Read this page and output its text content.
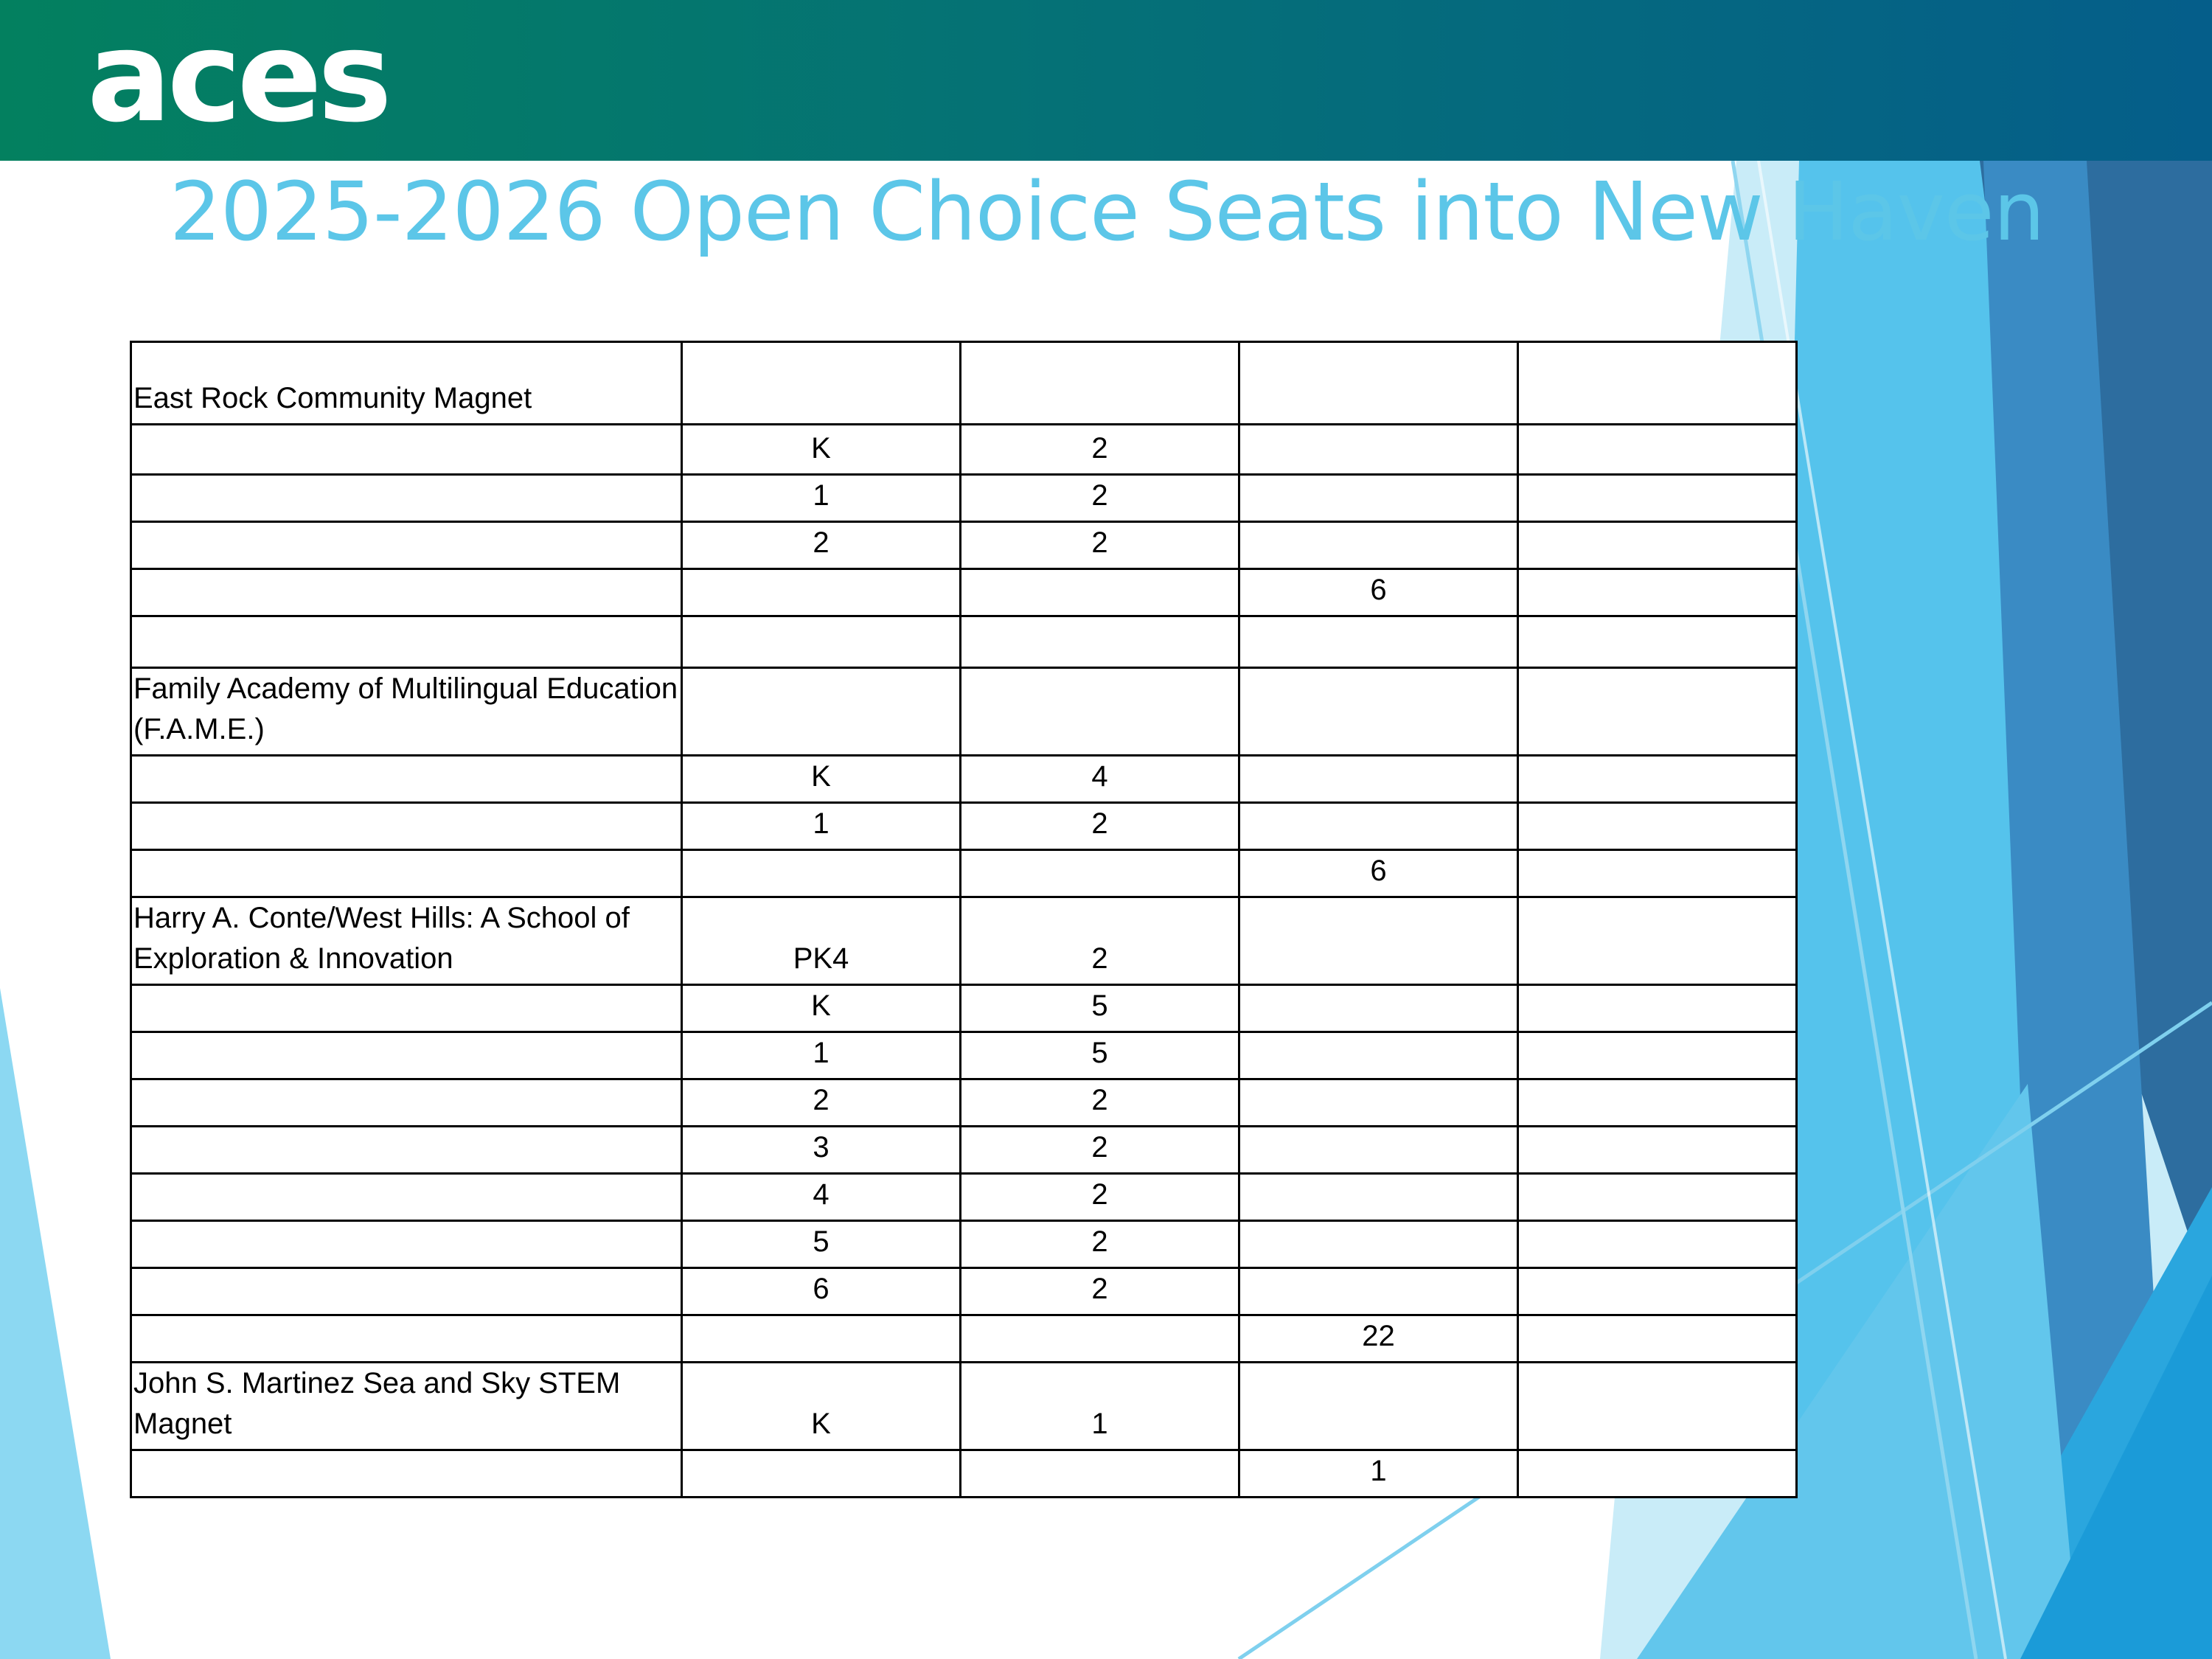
aces
2025-2026 Open Choice Seats into New Haven
East Rock Community Magnet				
	K	2		
	1	2		
	2	2		
			6	

Family Academy of Multilingual Education (F.A.M.E.)				
	K	4		
	1	2		
			6	
Harry A. Conte/West Hills: A School of Exploration & Innovation	PK4	2		
	K	5		
	1	5		
	2	2		
	3	2		
	4	2		
	5	2		
	6	2		
			22	
John S. Martinez Sea and Sky STEM Magnet	K	1		
			1	
